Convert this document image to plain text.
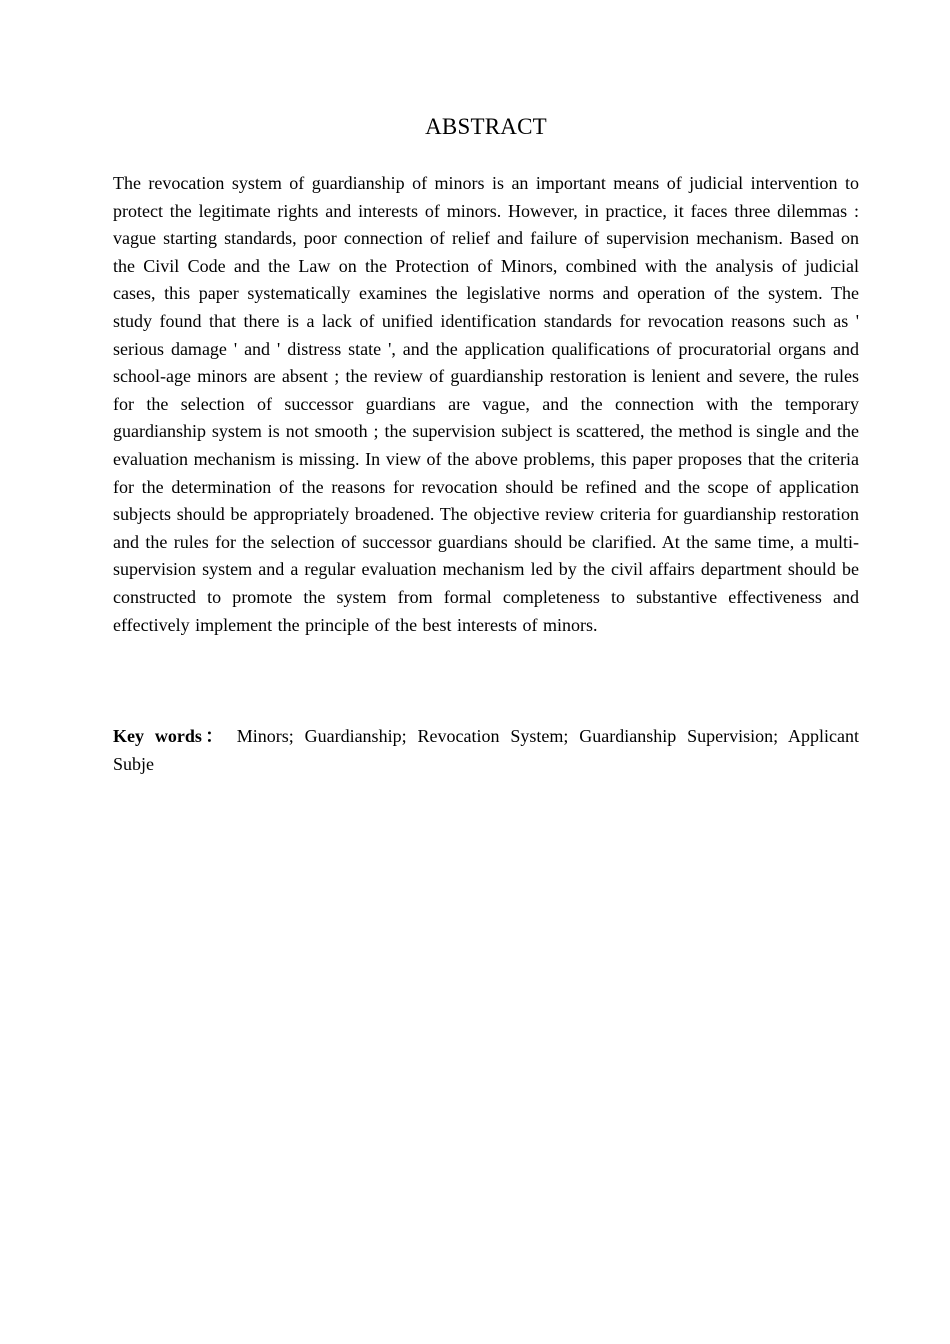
ABSTRACT

The revocation system of guardianship of minors is an important means of judicial intervention to protect the legitimate rights and interests of minors. However, in practice, it faces three dilemmas : vague starting standards, poor connection of relief and failure of supervision mechanism. Based on the Civil Code and the Law on the Protection of Minors, combined with the analysis of judicial cases, this paper systematically examines the legislative norms and operation of the system. The study found that there is a lack of unified identification standards for revocation reasons such as ' serious damage ' and ' distress state ', and the application qualifications of procuratorial organs and school-age minors are absent ; the review of guardianship restoration is lenient and severe, the rules for the selection of successor guardians are vague, and the connection with the temporary guardianship system is not smooth ; the supervision subject is scattered, the method is single and the evaluation mechanism is missing. In view of the above problems, this paper proposes that the criteria for the determination of the reasons for revocation should be refined and the scope of application subjects should be appropriately broadened. The objective review criteria for guardianship restoration and the rules for the selection of successor guardians should be clarified. At the same time, a multi-supervision system and a regular evaluation mechanism led by the civil affairs department should be constructed to promote the system from formal completeness to substantive effectiveness and effectively implement the principle of the best interests of minors.

Key words： Minors; Guardianship; Revocation System; Guardianship Supervision; Applicant Subje
